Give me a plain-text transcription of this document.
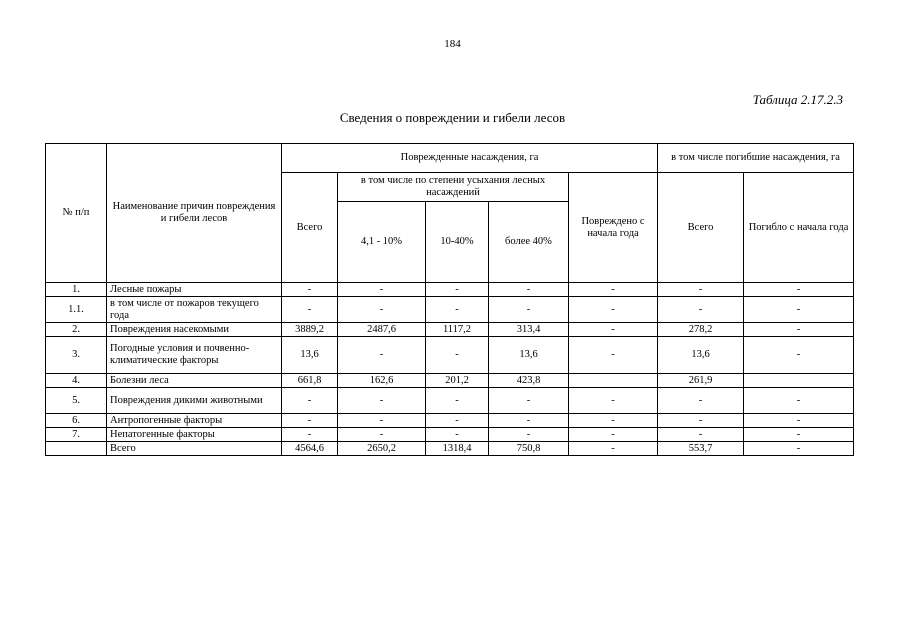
184
Таблица 2.17.2.3
Сведения о повреждении и гибели лесов
№ п/п	Наименование причин повреждения и гибели лесов	Поврежденные насаждения, га					в том числе погибшие насаждения, га	
		Всего	в том числе по степени усыхания лесных насаждений			Повреждено с начала года	Всего	Погибло с начала года
			4,1 - 10%	10-40%	более 40%			
1.	Лесные пожары	-	-	-	-	-	-	-
1.1.	в том числе от пожаров текущего года	-	-	-	-	-	-	-
2.	Повреждения насекомыми	3889,2	2487,6	1117,2	313,4	-	278,2	-
3.	Погодные условия и почвенно-климатические факторы	13,6	-	-	13,6	-	13,6	-
4.	Болезни леса	661,8	162,6	201,2	423,8		261,9	
5.	Повреждения дикими животными	-	-	-	-	-	-	-
6.	Антропогенные факторы	-	-	-	-	-	-	-
7.	Непатогенные факторы	-	-	-	-	-	-	-
	Всего	4564,6	2650,2	1318,4	750,8	-	553,7	-
